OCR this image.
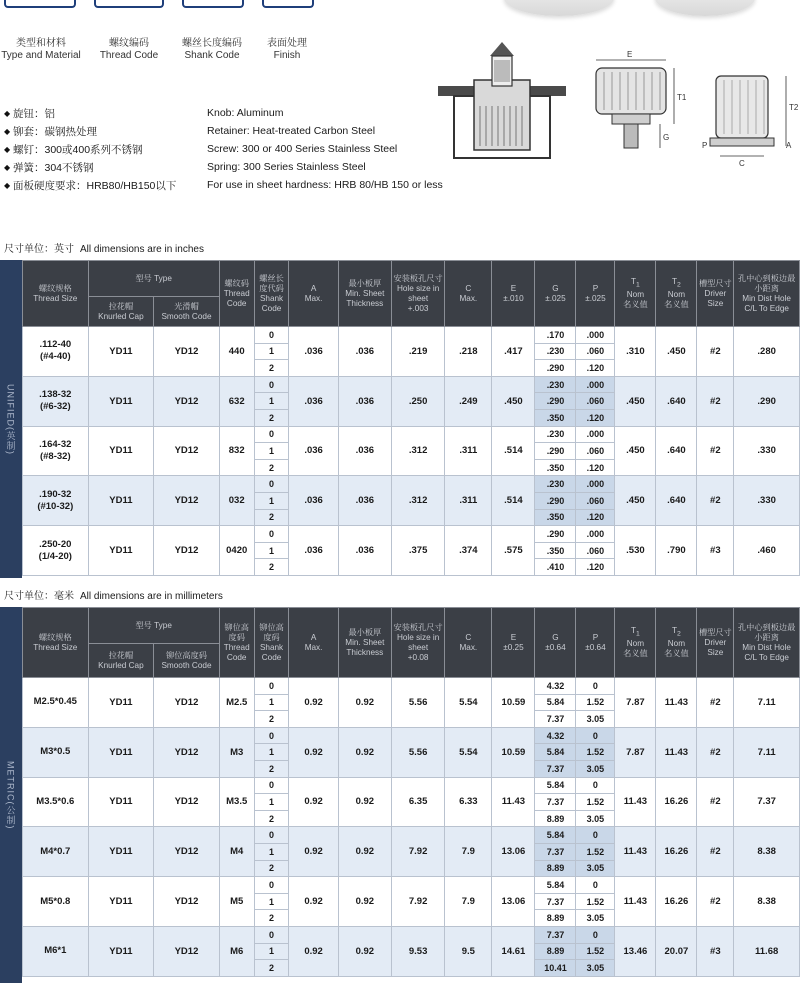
类型和材料
Type and Material
螺纹编码
Thread Code
螺丝长度编码
Shank Code
表面处理
Finish
◆ 旋钮：铝	Knob: Aluminum
◆ 铆套：碳钢热处理	Retainer: Heat-treated Carbon Steel
◆ 螺钉：300或400系列不锈钢	Screw: 300 or 400 Series Stainless Steel
◆ 弹簧：304不锈钢	Spring: 300 Series Stainless Steel
◆ 面板硬度要求：HRB80/HB150以下	For use in sheet hardness: HRB 80/HB 150 or less
E
T1
G
T2
A
P
C
尺寸单位：英寸 All dimensions are in inches
UNIFIED(英制)
螺纹规格
Thread Size	型号 Type		螺纹码
Thread Code	螺丝长度代码
Shank Code	A
Max.	最小板厚
Min. Sheet Thickness	安装板孔尺寸
Hole size in sheet
+.003	C
Max.	E
±.010	G
±.025	P
±.025	$T_1$
Nom
名义值	$T_2$
Nom
名义值	槽型尺寸
Driver Size	孔中心到板边最小距离
Min Dist Hole C/L To Edge
	拉花帽
Knurled Cap	光滑帽
Smooth Code													
.112-40
(#4-40)	YD11	YD12	440	0	.036	.036	.219	.218	.417	.170	.000	.310	.450	#2	.280
				1						.230	.060				
				2						.290	.120				
.138-32
(#6-32)	YD11	YD12	632	0	.036	.036	.250	.249	.450	.230	.000	.450	.640	#2	.290
				1						.290	.060				
				2						.350	.120				
.164-32
(#8-32)	YD11	YD12	832	0	.036	.036	.312	.311	.514	.230	.000	.450	.640	#2	.330
				1						.290	.060				
				2						.350	.120				
.190-32
(#10-32)	YD11	YD12	032	0	.036	.036	.312	.311	.514	.230	.000	.450	.640	#2	.330
				1						.290	.060				
				2						.350	.120				
.250-20
(1/4-20)	YD11	YD12	0420	0	.036	.036	.375	.374	.575	.290	.000	.530	.790	#3	.460
				1						.350	.060				
				2						.410	.120				
尺寸单位：毫米 All dimensions are in millimeters
METRIC(公制)
螺纹规格
Thread Size	型号 Type		铆位高度码
Thread Code	铆位高度码
Shank Code	A
Max.	最小板厚
Min. Sheet Thickness	安装板孔尺寸
Hole size in sheet
+0.08	C
Max.	E
±0.25	G
±0.64	P
±0.64	$T_1$
Nom
名义值	$T_2$
Nom
名义值	槽型尺寸
Driver Size	孔中心到板边最小距离
Min Dist Hole C/L To Edge
	拉花帽
Knurled Cap	铆位高度码
Smooth Code													
M2.5*0.45	YD11	YD12	M2.5	0	0.92	0.92	5.56	5.54	10.59	4.32	0	7.87	11.43	#2	7.11
				1						5.84	1.52				
				2						7.37	3.05				
M3*0.5	YD11	YD12	M3	0	0.92	0.92	5.56	5.54	10.59	4.32	0	7.87	11.43	#2	7.11
				1						5.84	1.52				
				2						7.37	3.05				
M3.5*0.6	YD11	YD12	M3.5	0	0.92	0.92	6.35	6.33	11.43	5.84	0	11.43	16.26	#2	7.37
				1						7.37	1.52				
				2						8.89	3.05				
M4*0.7	YD11	YD12	M4	0	0.92	0.92	7.92	7.9	13.06	5.84	0	11.43	16.26	#2	8.38
				1						7.37	1.52				
				2						8.89	3.05				
M5*0.8	YD11	YD12	M5	0	0.92	0.92	7.92	7.9	13.06	5.84	0	11.43	16.26	#2	8.38
				1						7.37	1.52				
				2						8.89	3.05				
M6*1	YD11	YD12	M6	0	0.92	0.92	9.53	9.5	14.61	7.37	0	13.46	20.07	#3	11.68
				1						8.89	1.52				
				2						10.41	3.05				
